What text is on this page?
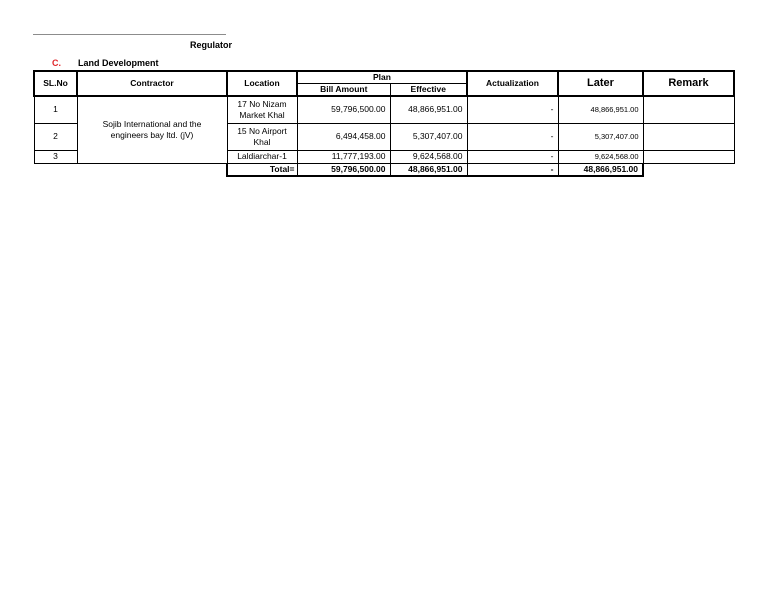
Regulator
C. Land Development
SL.No	Contractor	Location	Plan		Actualization	Later	Remark
			Bill Amount	Effective			
1	Sojib International and the engineers bay ltd. (jV)	17 No Nizam Market Khal	59,796,500.00	48,866,951.00	-	48,866,951.00	
2		15 No Airport Khal	6,494,458.00	5,307,407.00	-	5,307,407.00	
3		Laldiarchar-1	11,777,193.00	9,624,568.00	-	9,624,568.00	
		Total=	59,796,500.00	48,866,951.00	-	48,866,951.00	
